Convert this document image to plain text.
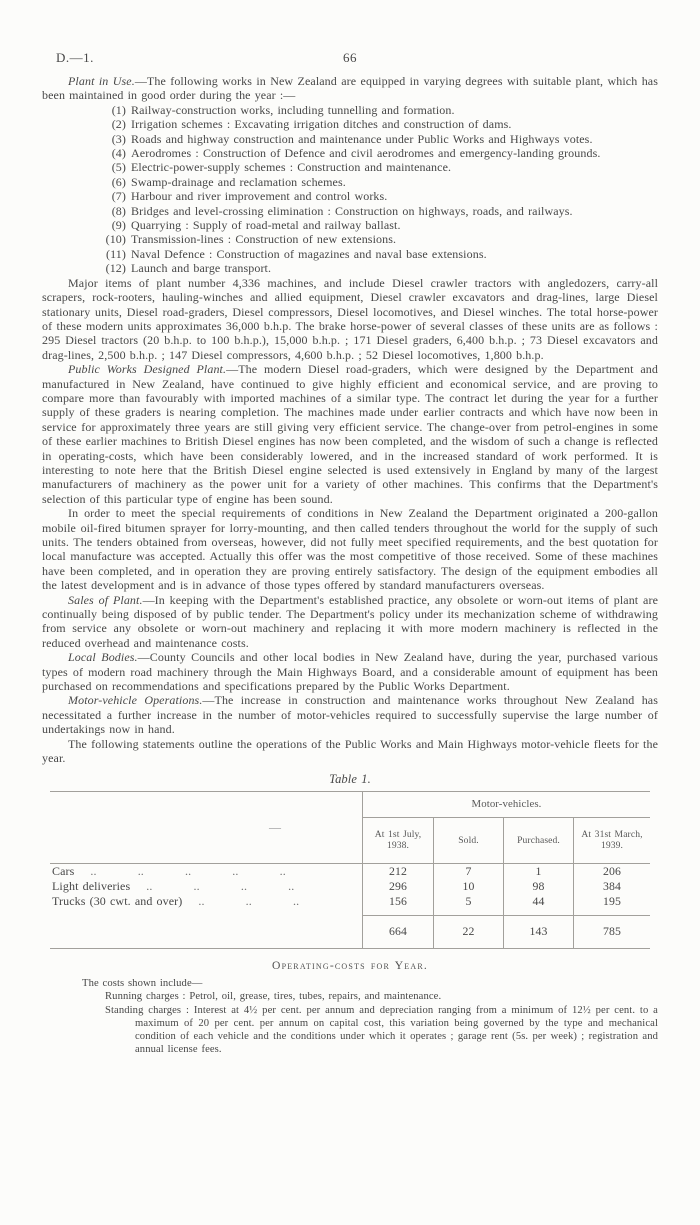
D.—1.	66

Plant in Use.—The following works in New Zealand are equipped in varying degrees with suitable plant, which has been maintained in good order during the year :—

(1) Railway-construction works, including tunnelling and formation.
(2) Irrigation schemes : Excavating irrigation ditches and construction of dams.
(3) Roads and highway construction and maintenance under Public Works and Highways votes.
(4) Aerodromes : Construction of Defence and civil aerodromes and emergency-landing grounds.
(5) Electric-power-supply schemes : Construction and maintenance.
(6) Swamp-drainage and reclamation schemes.
(7) Harbour and river improvement and control works.
(8) Bridges and level-crossing elimination : Construction on highways, roads, and railways.
(9) Quarrying : Supply of road-metal and railway ballast.
(10) Transmission-lines : Construction of new extensions.
(11) Naval Defence : Construction of magazines and naval base extensions.
(12) Launch and barge transport.

Major items of plant number 4,336 machines, and include Diesel crawler tractors with angledozers, carry-all scrapers, rock-rooters, hauling-winches and allied equipment, Diesel crawler excavators and drag-lines, large Diesel stationary units, Diesel road-graders, Diesel compressors, Diesel locomotives, and Diesel winches. The total horse-power of these modern units approximates 36,000 b.h.p. The brake horse-power of several classes of these units are as follows : 295 Diesel tractors (20 b.h.p. to 100 b.h.p.), 15,000 b.h.p. ; 171 Diesel graders, 6,400 b.h.p. ; 73 Diesel excavators and drag-lines, 2,500 b.h.p. ; 147 Diesel compressors, 4,600 b.h.p. ; 52 Diesel locomotives, 1,800 b.h.p.

Public Works Designed Plant.—The modern Diesel road-graders, which were designed by the Department and manufactured in New Zealand, have continued to give highly efficient and economical service, and are proving to compare more than favourably with imported machines of a similar type. The contract let during the year for a further supply of these graders is nearing completion. The machines made under earlier contracts and which have now been in service for approximately three years are still giving very efficient service. The change-over from petrol-engines in some of these earlier machines to British Diesel engines has now been completed, and the wisdom of such a change is reflected in operating-costs, which have been considerably lowered, and in the increased standard of work performed. It is interesting to note here that the British Diesel engine selected is used extensively in England by many of the largest manufacturers of machinery as the power unit for a variety of other machines. This confirms that the Department's selection of this particular type of engine has been sound.

In order to meet the special requirements of conditions in New Zealand the Department originated a 200-gallon mobile oil-fired bitumen sprayer for lorry-mounting, and then called tenders throughout the world for the supply of such units. The tenders obtained from overseas, however, did not fully meet specified requirements, and the best quotation for local manufacture was accepted. Actually this offer was the most competitive of those received. Some of these machines have been completed, and in operation they are proving entirely satisfactory. The design of the equipment embodies all the latest development and is in advance of those types offered by standard manufacturers overseas.

Sales of Plant.—In keeping with the Department's established practice, any obsolete or worn-out items of plant are continually being disposed of by public tender. The Department's policy under its mechanization scheme of withdrawing from service any obsolete or worn-out machinery and replacing it with more modern machinery is reflected in the reduced overhead and maintenance costs.

Local Bodies.—County Councils and other local bodies in New Zealand have, during the year, purchased various types of modern road machinery through the Main Highways Board, and a considerable amount of equipment has been purchased on recommendations and specifications prepared by the Public Works Department.

Motor-vehicle Operations.—The increase in construction and maintenance works throughout New Zealand has necessitated a further increase in the number of motor-vehicles required to successfully supervise the large number of undertakings now in hand.

The following statements outline the operations of the Public Works and Main Highways motor-vehicle fleets for the year.

Table 1.
—
Motor-vehicles.
At 1st July, 1938.	Sold.	Purchased.	At 31st March, 1939.
Cars .. .. .. .. ..	212	7	1	206
Light deliveries .. .. .. ..	296	10	98	384
Trucks (30 cwt. and over) .. .. ..	156	5	44	195
664	22	143	785
Operating-costs for Year.
The costs shown include—
Running charges : Petrol, oil, grease, tires, tubes, repairs, and maintenance.
Standing charges : Interest at 4½ per cent. per annum and depreciation ranging from a minimum of 12½ per cent. to a maximum of 20 per cent. per annum on capital cost, this variation being governed by the type and mechanical condition of each vehicle and the conditions under which it operates ; garage rent (5s. per week) ; registration and annual license fees.
